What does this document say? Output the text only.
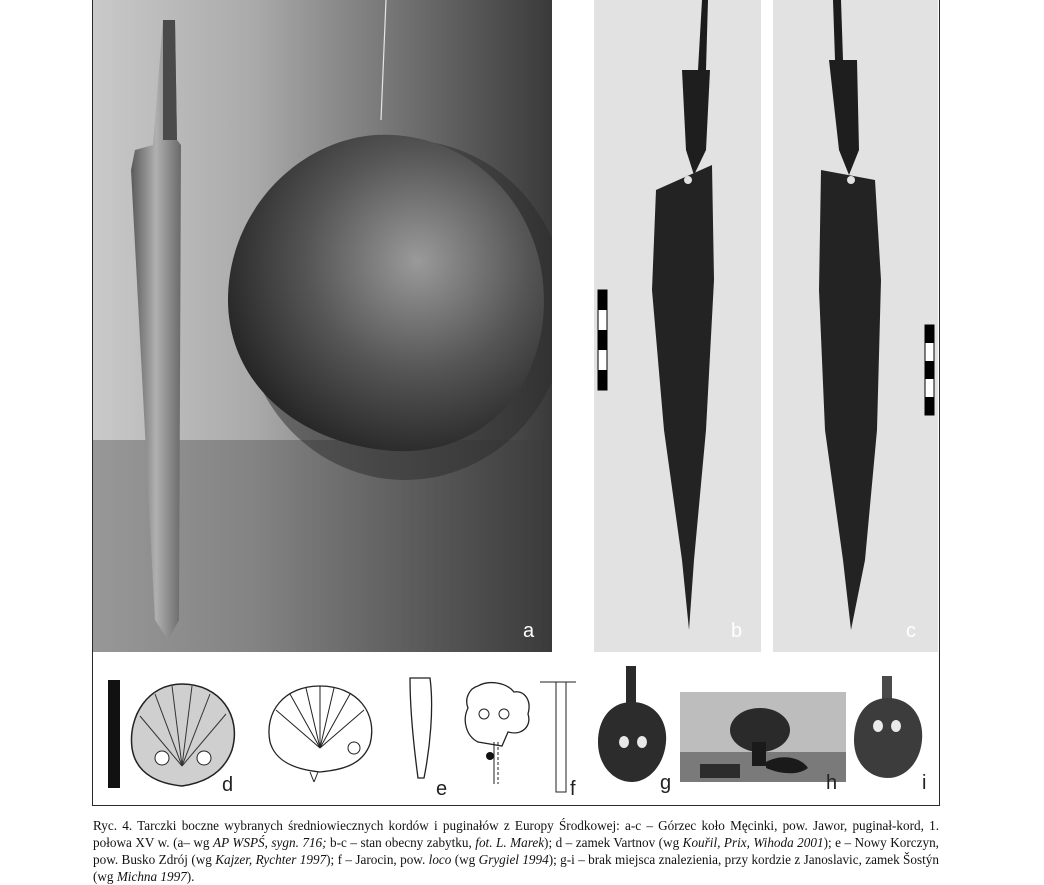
a	b	c
d	e	f	g	h	i
Ryc. 4. Tarczki boczne wybranych średniowiecznych kordów i puginałów z Europy Środkowej: a-c – Górzec koło Męcinki, pow. Jawor, puginał-kord, 1. połowa XV w. (a– wg AP WSPŚ, sygn. 716; b-c – stan obecny zabytku, fot. L. Marek); d – zamek Vartnov (wg Kouřil, Prix, Wihoda 2001); e – Nowy Korczyn, pow. Busko Zdrój (wg Kajzer, Rychter 1997); f – Jarocin, pow. loco (wg Grygiel 1994); g-i – brak miejsca znalezienia, przy kordzie z Janoslavic, zamek Šostýn (wg Michna 1997).
